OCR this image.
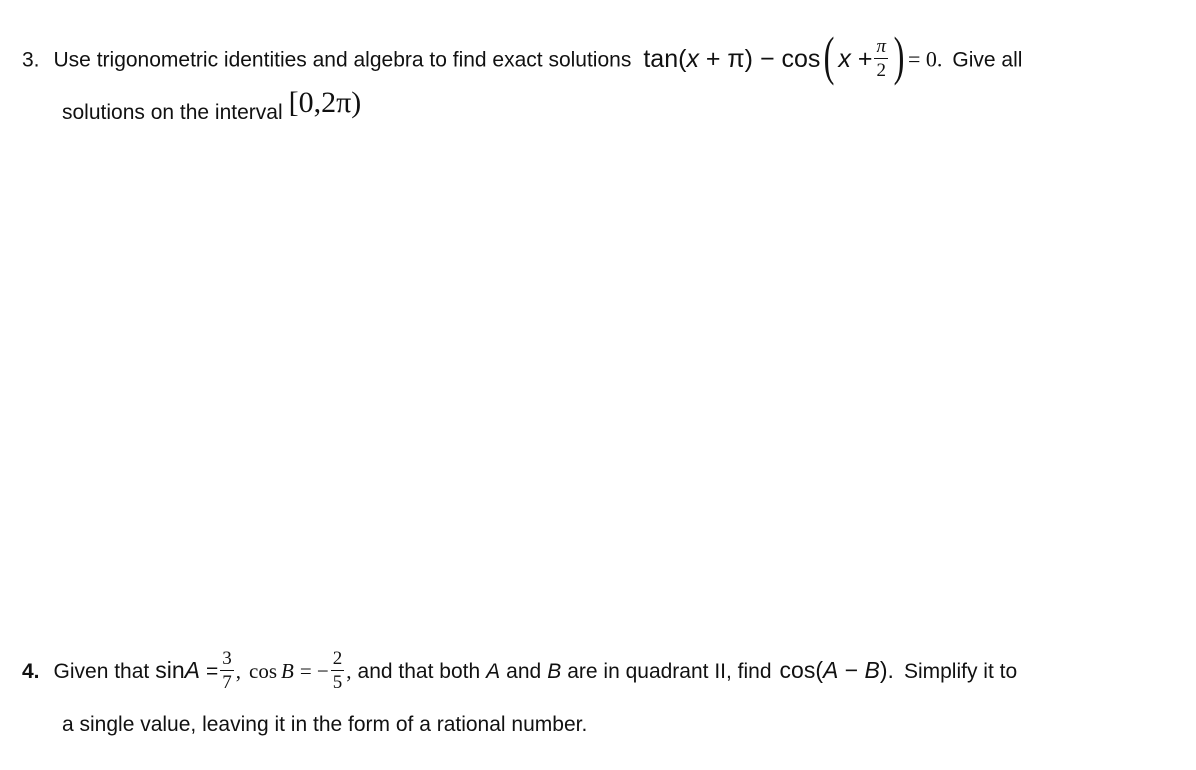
3. Use trigonometric identities and algebra to find exact solutions tan(x + π) − cos( $x + \frac{\pi}{2}$ ) = 0. Give all
solutions on the interval [0,2π)
4. Given that $\sin A = \frac{3}{7}$ , cos B = − $\frac{2}{5}$ , and that both A and B are in quadrant II, find cos(A − B). Simplify it to
a single value, leaving it in the form of a rational number.
